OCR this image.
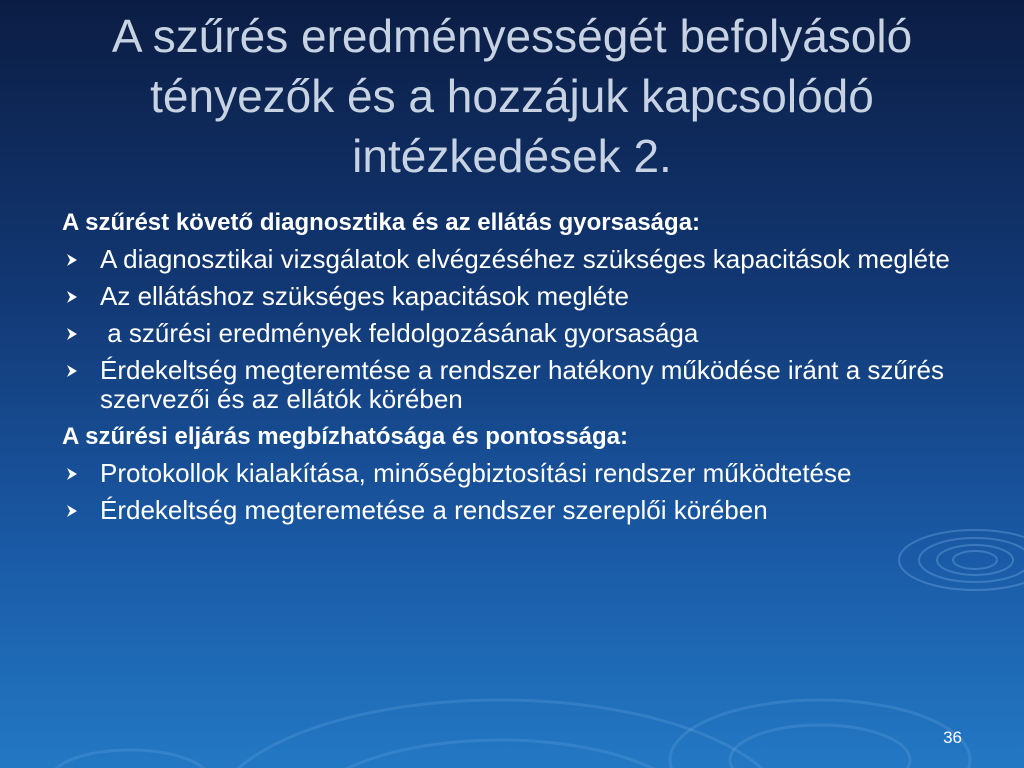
A szűrés eredményességét befolyásoló tényezők és a hozzájuk kapcsolódó intézkedések 2.

A szűrést követő diagnosztika és az ellátás gyorsasága:

A diagnosztikai vizsgálatok elvégzéséhez szükséges kapacitások megléte
Az ellátáshoz szükséges kapacitások megléte
a szűrési eredmények feldolgozásának gyorsasága
Érdekeltség megteremtése a rendszer hatékony működése iránt a szűrés szervezői és az ellátók körében

A szűrési eljárás megbízhatósága és pontossága:

Protokollok kialakítása, minőségbiztosítási rendszer működtetése
Érdekeltség megteremetése a rendszer szereplői körében
36
